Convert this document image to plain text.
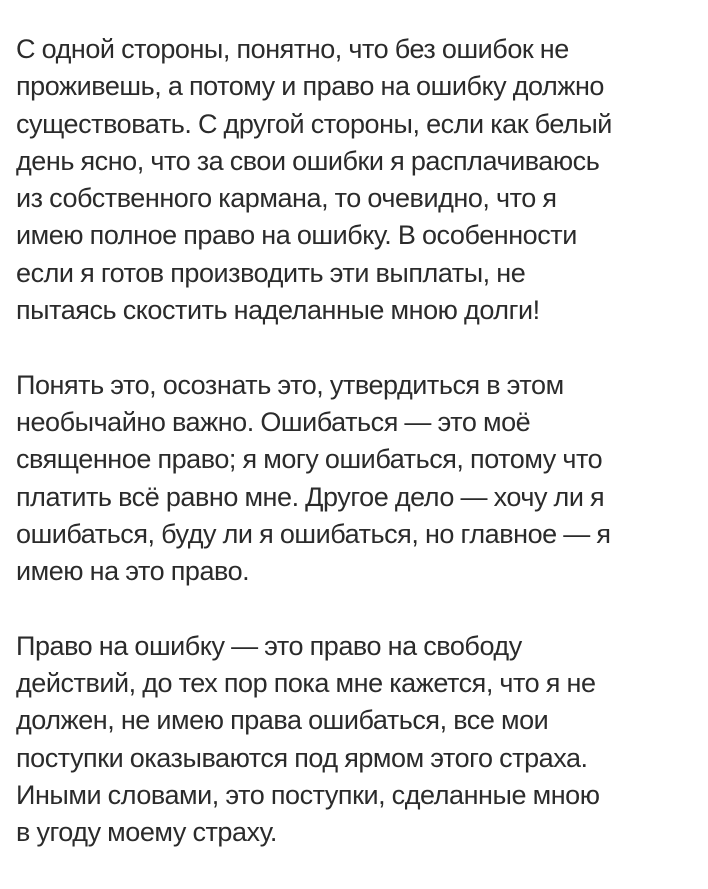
С одной стороны, понятно, что без ошибок не
проживешь, а потому и право на ошибку должно
существовать. С другой стороны, если как белый
день ясно, что за свои ошибки я расплачиваюсь
из собственного кармана, то очевидно, что я
имею полное право на ошибку. В особенности
если я готов производить эти выплаты, не
пытаясь скостить наделанные мною долги!

Понять это, осознать это, утвердиться в этом
необычайно важно. Ошибаться — это моё
священное право; я могу ошибаться, потому что
платить всё равно мне. Другое дело — хочу ли я
ошибаться, буду ли я ошибаться, но главное — я
имею на это право.

Право на ошибку — это право на свободу
действий, до тех пор пока мне кажется, что я не
должен, не имею права ошибаться, все мои
поступки оказываются под ярмом этого страха.
Иными словами, это поступки, сделанные мною
в угоду моему страху.
